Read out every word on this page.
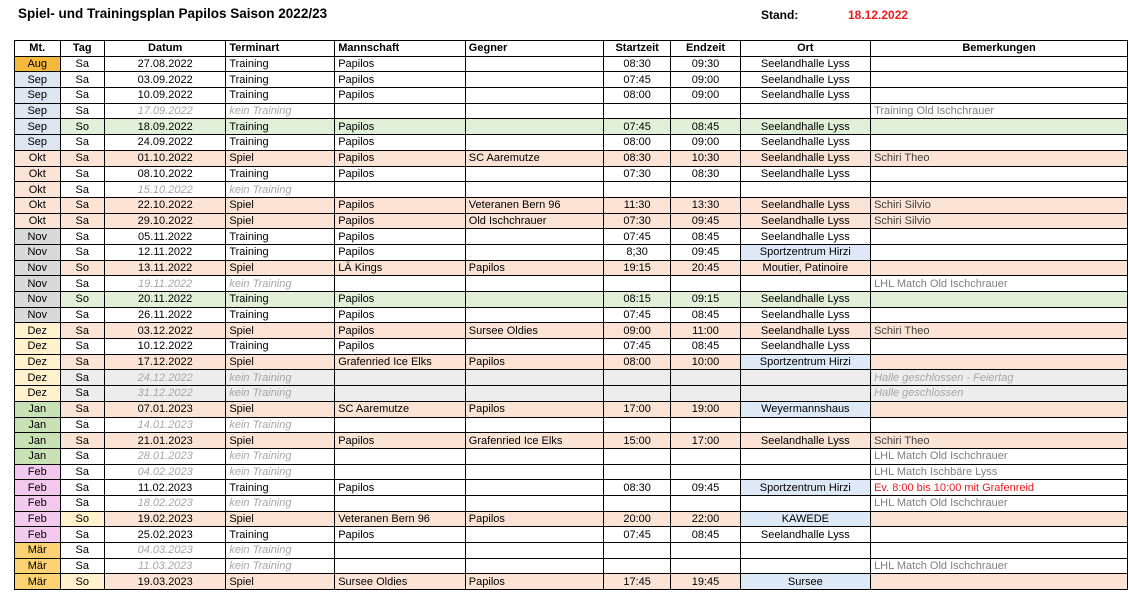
Spiel- und Trainingsplan Papilos Saison 2022/23	Stand:	18.12.2022
Mt.	Tag	Datum	Terminart	Mannschaft	Gegner	Startzeit	Endzeit	Ort	Bemerkungen
Aug	Sa	27.08.2022	Training	Papilos		08:30	09:30	Seelandhalle Lyss	
Sep	Sa	03.09.2022	Training	Papilos		07:45	09:00	Seelandhalle Lyss	
Sep	Sa	10.09.2022	Training	Papilos		08:00	09:00	Seelandhalle Lyss	
Sep	Sa	17.09.2022	kein Training						Training Old Ischchrauer
Sep	So	18.09.2022	Training	Papilos		07:45	08:45	Seelandhalle Lyss	
Sep	Sa	24.09.2022	Training	Papilos		08:00	09:00	Seelandhalle Lyss	
Okt	Sa	01.10.2022	Spiel	Papilos	SC Aaremutze	08:30	10:30	Seelandhalle Lyss	Schiri Theo
Okt	Sa	08.10.2022	Training	Papilos		07:30	08:30	Seelandhalle Lyss	
Okt	Sa	15.10.2022	kein Training						
Okt	Sa	22.10.2022	Spiel	Papilos	Veteranen Bern 96	11:30	13:30	Seelandhalle Lyss	Schiri Silvio
Okt	Sa	29.10.2022	Spiel	Papilos	Old Ischchrauer	07:30	09:45	Seelandhalle Lyss	Schiri Silvio
Nov	Sa	05.11.2022	Training	Papilos		07:45	08:45	Seelandhalle Lyss	
Nov	Sa	12.11.2022	Training	Papilos		8;30	09:45	Sportzentrum Hirzi	
Nov	So	13.11.2022	Spiel	LÄ Kings	Papilos	19:15	20:45	Moutier, Patinoire	
Nov	Sa	19.11.2022	kein Training						LHL Match Old Ischchrauer
Nov	So	20.11.2022	Training	Papilos		08:15	09:15	Seelandhalle Lyss	
Nov	Sa	26.11.2022	Training	Papilos		07:45	08:45	Seelandhalle Lyss	
Dez	Sa	03.12.2022	Spiel	Papilos	Sursee Oldies	09:00	11:00	Seelandhalle Lyss	Schiri Theo
Dez	Sa	10.12.2022	Training	Papilos		07:45	08:45	Seelandhalle Lyss	
Dez	Sa	17.12.2022	Spiel	Grafenried Ice Elks	Papilos	08:00	10:00	Sportzentrum Hirzi	
Dez	Sa	24.12.2022	kein Training						Halle geschlossen - Feiertag
Dez	Sa	31.12.2022	kein Training						Halle geschlossen
Jan	Sa	07.01.2023	Spiel	SC Aaremutze	Papilos	17:00	19:00	Weyermannshaus	
Jan	Sa	14.01.2023	kein Training						
Jan	Sa	21.01.2023	Spiel	Papilos	Grafenried Ice Elks	15:00	17:00	Seelandhalle Lyss	Schiri Theo
Jan	Sa	28.01.2023	kein Training						LHL Match Old Ischchrauer
Feb	Sa	04.02.2023	kein Training						LHL Match Ischbäre Lyss
Feb	Sa	11.02.2023	Training	Papilos		08:30	09:45	Sportzentrum Hirzi	Ev. 8:00 bis 10:00 mit Grafenreid
Feb	Sa	18.02.2023	kein Training						LHL Match Old Ischchrauer
Feb	So	19.02.2023	Spiel	Veteranen Bern 96	Papilos	20:00	22:00	KAWEDE	
Feb	Sa	25.02.2023	Training	Papilos		07:45	08:45	Seelandhalle Lyss	
Mär	Sa	04.03.2023	kein Training						
Mär	Sa	11.03.2023	kein Training						LHL Match Old Ischchrauer
Mär	So	19.03.2023	Spiel	Sursee Oldies	Papilos	17:45	19:45	Sursee	
